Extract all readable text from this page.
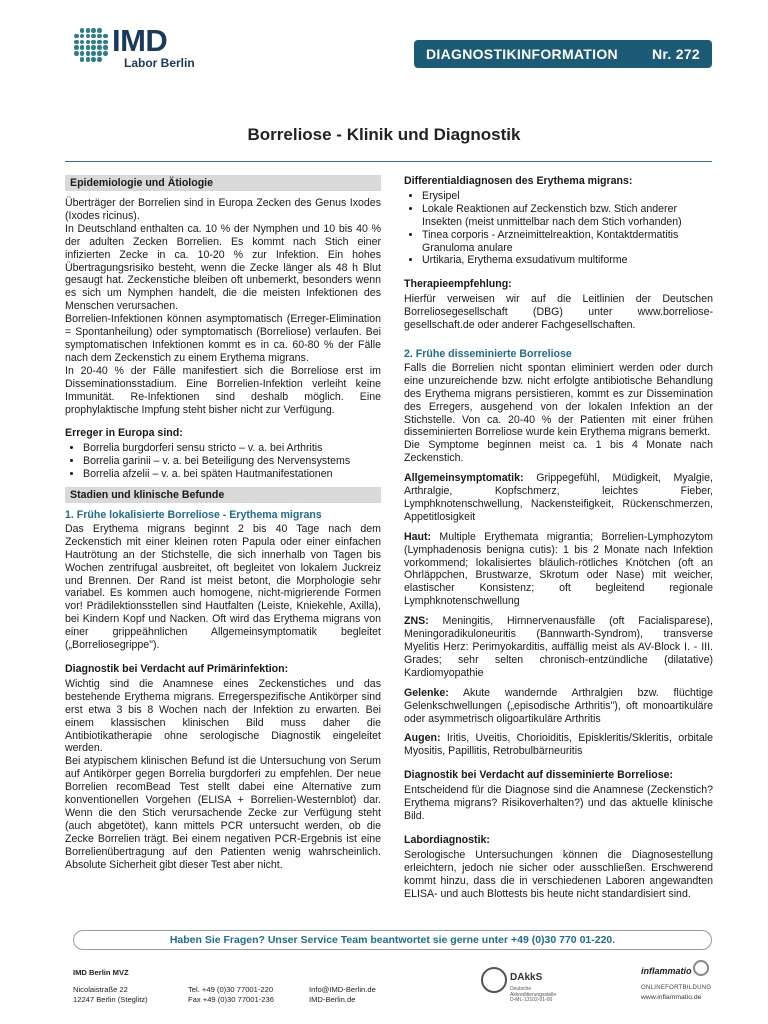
IMD
Labor Berlin
DIAGNOSTIKINFORMATION Nr. 272
Borreliose - Klinik und Diagnostik
Epidemiologie und Ätiologie

Überträger der Borrelien sind in Europa Zecken des Genus Ixodes (Ixodes ricinus).

In Deutschland enthalten ca. 10 % der Nymphen und 10 bis 40 % der adulten Zecken Borrelien. Es kommt nach Stich einer infizierten Zecke in ca. 10-20 % zur Infektion. Ein hohes Übertragungsrisiko besteht, wenn die Zecke länger als 48 h Blut gesaugt hat. Zeckenstiche bleiben oft unbemerkt, besonders wenn es sich um Nymphen handelt, die die meisten Infektionen des Menschen verursachen.

Borrelien-Infektionen können asymptomatisch (Erreger-Elimination = Spontanheilung) oder symptomatisch (Borreliose) verlaufen. Bei symptomatischen Infektionen kommt es in ca. 60-80 % der Fälle nach dem Zeckenstich zu einem Erythema migrans.

In 20-40 % der Fälle manifestiert sich die Borreliose erst im Disseminationsstadium. Eine Borrelien-Infektion verleiht keine Immunität. Re-Infektionen sind deshalb möglich. Eine prophylaktische Impfung steht bisher nicht zur Verfügung.

Erreger in Europa sind:
• Borrelia burgdorferi sensu stricto – v. a. bei Arthritis
• Borrelia garinii – v. a. bei Beteiligung des Nervensystems
• Borrelia afzelii – v. a. bei späten Hautmanifestationen
Stadien und klinische Befunde
1. Frühe lokalisierte Borreliose - Erythema migrans

Das Erythema migrans beginnt 2 bis 40 Tage nach dem Zeckenstich mit einer kleinen roten Papula oder einer einfachen Hautrötung an der Stichstelle, die sich innerhalb von Tagen bis Wochen zentrifugal ausbreitet, oft begleitet von lokalem Juckreiz und Brennen. Der Rand ist meist betont, die Morphologie sehr variabel. Es kommen auch homogene, nicht-migrierende Formen vor! Prädilektionsstellen sind Hautfalten (Leiste, Kniekehle, Axilla), bei Kindern Kopf und Nacken. Oft wird das Erythema migrans von einer grippeähnlichen Allgemeinsymptomatik begleitet („Borreliosegrippe").

Diagnostik bei Verdacht auf Primärinfektion:

Wichtig sind die Anamnese eines Zeckenstiches und das bestehende Erythema migrans. Erregerspezifische Antikörper sind erst etwa 3 bis 8 Wochen nach der Infektion zu erwarten. Bei einem klassischen klinischen Bild muss daher die Antibiotikatherapie ohne serologische Diagnostik eingeleitet werden.

Bei atypischem klinischen Befund ist die Untersuchung von Serum auf Antikörper gegen Borrelia burgdorferi zu empfehlen. Der neue Borrelien recomBead Test stellt dabei eine Alternative zum konventionellen Vorgehen (ELISA + Borrelien-Westernblot) dar. Wenn die den Stich verursachende Zecke zur Verfügung steht (auch abgetötet), kann mittels PCR untersucht werden, ob die Zecke Borrelien trägt. Bei einem negativen PCR-Ergebnis ist eine Borrelienübertragung auf den Patienten wenig wahrscheinlich. Absolute Sicherheit gibt dieser Test aber nicht.

Differentialdiagnosen des Erythema migrans:
• Erysipel
• Lokale Reaktionen auf Zeckenstich bzw. Stich anderer Insekten (meist unmittelbar nach dem Stich vorhanden)
• Tinea corporis - Arzneimittelreaktion, Kontaktdermatitis Granuloma anulare
• Urtikaria, Erythema exsudativum multiforme
Therapieempfehlung:

Hierfür verweisen wir auf die Leitlinien der Deutschen Borreliosegesellschaft (DBG) unter www.borreliose-gesellschaft.de oder anderer Fachgesellschaften.

2. Frühe disseminierte Borreliose

Falls die Borrelien nicht spontan eliminiert werden oder durch eine unzureichende bzw. nicht erfolgte antibiotische Behandlung des Erythema migrans persistieren, kommt es zur Dissemination des Erregers, ausgehend von der lokalen Infektion an der Stichstelle. Von ca. 20-40 % der Patienten mit einer frühen disseminierten Borreliose wurde kein Erythema migrans bemerkt.

Die Symptome beginnen meist ca. 1 bis 4 Monate nach Zeckenstich.

Allgemeinsymptomatik: Grippegefühl, Müdigkeit, Myalgie, Arthralgie, Kopfschmerz, leichtes Fieber, Lymphknotenschwellung, Nackensteifigkeit, Rückenschmerzen, Appetitlosigkeit

Haut: Multiple Erythemata migrantia; Borrelien-Lymphozytom (Lymphadenosis benigna cutis): 1 bis 2 Monate nach Infektion vorkommend; lokalisiertes bläulich-rötliches Knötchen (oft an Ohrläppchen, Brustwarze, Skrotum oder Nase) mit weicher, elastischer Konsistenz; oft begleitend regionale Lymphknotenschwellung

ZNS: Meningitis, Hirnnervenausfälle (oft Facialisparese), Meningoradikuloneuritis (Bannwarth-Syndrom), transverse Myelitis Herz: Perimyokarditis, auffällig meist als AV-Block I. - III. Grades; sehr selten chronisch-entzündliche (dilatative) Kardiomyopathie

Gelenke: Akute wandernde Arthralgien bzw. flüchtige Gelenkschwellungen („episodische Arthritis"), oft monoartikuläre oder asymmetrisch oligoartikuläre Arthritis

Augen: Iritis, Uveitis, Chorioiditis, Episkleritis/Skleritis, orbitale Myositis, Papillitis, Retrobulbärneuritis

Diagnostik bei Verdacht auf disseminierte Borreliose:

Entscheidend für die Diagnose sind die Anamnese (Zeckenstich? Erythema migrans? Risikoverhalten?) und das aktuelle klinische Bild.

Labordiagnostik:

Serologische Untersuchungen können die Diagnosestellung erleichtern, jedoch nie sicher oder ausschließen. Erschwerend kommt hinzu, dass die in verschiedenen Laboren angewandten ELISA- und auch Blottests bis heute nicht standardisiert sind.

Haben Sie Fragen? Unser Service Team beantwortet sie gerne unter +49 (0)30 770 01-220.
IMD Berlin MVZ
Nicolaistraße 22
12247 Berlin (Steglitz)
Tel. +49 (0)30 77001-220
Fax +49 (0)30 77001-236
Info@IMD-Berlin.de
IMD-Berlin.de
DAkkS
Deutsche
Akkreditierungsstelle
D-ML-13102-01-00
inflammatio
ONLINEFORTBILDUNG
www.inflammatio.de
